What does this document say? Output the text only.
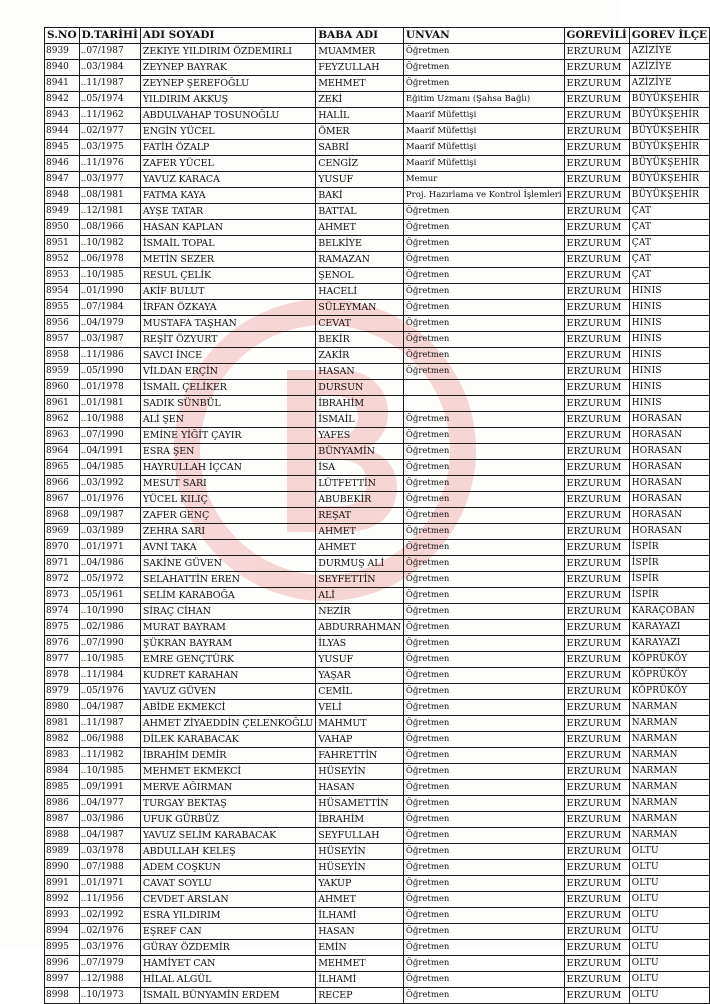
S.NO	D.TARİHİ	ADI SOYADI	BABA ADI	UNVAN	GOREVİLİ	GOREV İLÇE
8939	..07/1987	ZEKIYE YILDIRIM ÖZDEMIRLI	MUAMMER	Öğretmen	ERZURUM	AZİZİYE
8940	..03/1984	ZEYNEP BAYRAK	FEYZULLAH	Öğretmen	ERZURUM	AZİZİYE
8941	..11/1987	ZEYNEP ŞEREFOĞLU	MEHMET	Öğretmen	ERZURUM	AZİZİYE
8942	..05/1974	YILDIRIM AKKUŞ	ZEKİ	Eğitim Uzmanı (Şahsa Bağlı)	ERZURUM	BÜYÜKŞEHİR
8943	..11/1962	ABDULVAHAP TOSUNOĞLU	HALİL	Maarif Müfettişi	ERZURUM	BÜYÜKŞEHİR
8944	..02/1977	ENGİN YÜCEL	ÖMER	Maarif Müfettişi	ERZURUM	BÜYÜKŞEHİR
8945	..03/1975	FATİH ÖZALP	SABRİ	Maarif Müfettişi	ERZURUM	BÜYÜKŞEHİR
8946	..11/1976	ZAFER YÜCEL	CENGİZ	Maarif Müfettişi	ERZURUM	BÜYÜKŞEHİR
8947	..03/1977	YAVUZ KARACA	YUSUF	Memur	ERZURUM	BÜYÜKŞEHİR
8948	..08/1981	FATMA KAYA	BAKİ	Proj. Hazırlama ve Kontrol İşlemleri	ERZURUM	BÜYÜKŞEHİR
8949	..12/1981	AYŞE TATAR	BATTAL	Öğretmen	ERZURUM	ÇAT
8950	..08/1966	HASAN KAPLAN	AHMET	Öğretmen	ERZURUM	ÇAT
8951	..10/1982	İSMAİL TOPAL	BELKİYE	Öğretmen	ERZURUM	ÇAT
8952	..06/1978	METİN SEZER	RAMAZAN	Öğretmen	ERZURUM	ÇAT
8953	..10/1985	RESUL ÇELİK	ŞENOL	Öğretmen	ERZURUM	ÇAT
8954	..01/1990	AKİF BULUT	HACELİ	Öğretmen	ERZURUM	HINIS
8955	..07/1984	İRFAN ÖZKAYA	SÜLEYMAN	Öğretmen	ERZURUM	HINIS
8956	..04/1979	MUSTAFA TAŞHAN	CEVAT	Öğretmen	ERZURUM	HINIS
8957	..03/1987	REŞİT ÖZYURT	BEKİR	Öğretmen	ERZURUM	HINIS
8958	..11/1986	SAVCI İNCE	ZAKİR	Öğretmen	ERZURUM	HINIS
8959	..05/1990	VİLDAN ERÇİN	HASAN	Öğretmen	ERZURUM	HINIS
8960	..01/1978	İSMAİL ÇELİKER	DURSUN		ERZURUM	HINIS
8961	..01/1981	SADIK SÜNBÜL	İBRAHİM		ERZURUM	HINIS
8962	..10/1988	ALİ ŞEN	İSMAİL	Öğretmen	ERZURUM	HORASAN
8963	..07/1990	EMİNE YİĞİT ÇAYIR	YAFES	Öğretmen	ERZURUM	HORASAN
8964	..04/1991	ESRA ŞEN	BÜNYAMİN	Öğretmen	ERZURUM	HORASAN
8965	..04/1985	HAYRULLAH İÇCAN	İSA	Öğretmen	ERZURUM	HORASAN
8966	..03/1992	MESUT SARI	LÜTFETTİN	Öğretmen	ERZURUM	HORASAN
8967	..01/1976	YÜCEL KILIÇ	ABUBEKİR	Öğretmen	ERZURUM	HORASAN
8968	..09/1987	ZAFER GENÇ	REŞAT	Öğretmen	ERZURUM	HORASAN
8969	..03/1989	ZEHRA SARI	AHMET	Öğretmen	ERZURUM	HORASAN
8970	..01/1971	AVNİ TAKA	AHMET	Öğretmen	ERZURUM	İSPİR
8971	..04/1986	SAKİNE GÜVEN	DURMUŞ ALİ	Öğretmen	ERZURUM	İSPİR
8972	..05/1972	SELAHATTİN EREN	SEYFETTİN	Öğretmen	ERZURUM	İSPİR
8973	..05/1961	SELİM KARABOĞA	ALİ	Öğretmen	ERZURUM	İSPİR
8974	..10/1990	SİRAÇ CİHAN	NEZİR	Öğretmen	ERZURUM	KARAÇOBAN
8975	..02/1986	MURAT BAYRAM	ABDURRAHMAN	Öğretmen	ERZURUM	KARAYAZI
8976	..07/1990	ŞÜKRAN BAYRAM	İLYAS	Öğretmen	ERZURUM	KARAYAZI
8977	..10/1985	EMRE GENÇTÜRK	YUSUF	Öğretmen	ERZURUM	KÖPRÜKÖY
8978	..11/1984	KUDRET KARAHAN	YAŞAR	Öğretmen	ERZURUM	KÖPRÜKÖY
8979	..05/1976	YAVUZ GÜVEN	CEMİL	Öğretmen	ERZURUM	KÖPRÜKÖY
8980	..04/1987	ABİDE EKMEKCİ	VELİ	Öğretmen	ERZURUM	NARMAN
8981	..11/1987	AHMET ZİYAEDDİN ÇELENKOĞLU	MAHMUT	Öğretmen	ERZURUM	NARMAN
8982	..06/1988	DİLEK KARABACAK	VAHAP	Öğretmen	ERZURUM	NARMAN
8983	..11/1982	İBRAHİM DEMİR	FAHRETTİN	Öğretmen	ERZURUM	NARMAN
8984	..10/1985	MEHMET EKMEKCİ	HÜSEYİN	Öğretmen	ERZURUM	NARMAN
8985	..09/1991	MERVE AĞIRMAN	HASAN	Öğretmen	ERZURUM	NARMAN
8986	..04/1977	TURGAY BEKTAŞ	HÜSAMETTİN	Öğretmen	ERZURUM	NARMAN
8987	..03/1986	UFUK GÜRBÜZ	İBRAHİM	Öğretmen	ERZURUM	NARMAN
8988	..04/1987	YAVUZ SELİM KARABACAK	SEYFULLAH	Öğretmen	ERZURUM	NARMAN
8989	..03/1978	ABDULLAH KELEŞ	HÜSEYİN	Öğretmen	ERZURUM	OLTU
8990	..07/1988	ADEM COŞKUN	HÜSEYİN	Öğretmen	ERZURUM	OLTU
8991	..01/1971	CAVAT SOYLU	YAKUP	Öğretmen	ERZURUM	OLTU
8992	..11/1956	CEVDET ARSLAN	AHMET	Öğretmen	ERZURUM	OLTU
8993	..02/1992	ESRA YILDIRIM	İLHAMİ	Öğretmen	ERZURUM	OLTU
8994	..02/1976	EŞREF CAN	HASAN	Öğretmen	ERZURUM	OLTU
8995	..03/1976	GÜRAY ÖZDEMİR	EMİN	Öğretmen	ERZURUM	OLTU
8996	..07/1979	HAMİYET CAN	MEHMET	Öğretmen	ERZURUM	OLTU
8997	..12/1988	HİLAL ALGÜL	İLHAMİ	Öğretmen	ERZURUM	OLTU
8998	..10/1973	İSMAİL BÜNYAMİN ERDEM	RECEP	Öğretmen	ERZURUM	OLTU
